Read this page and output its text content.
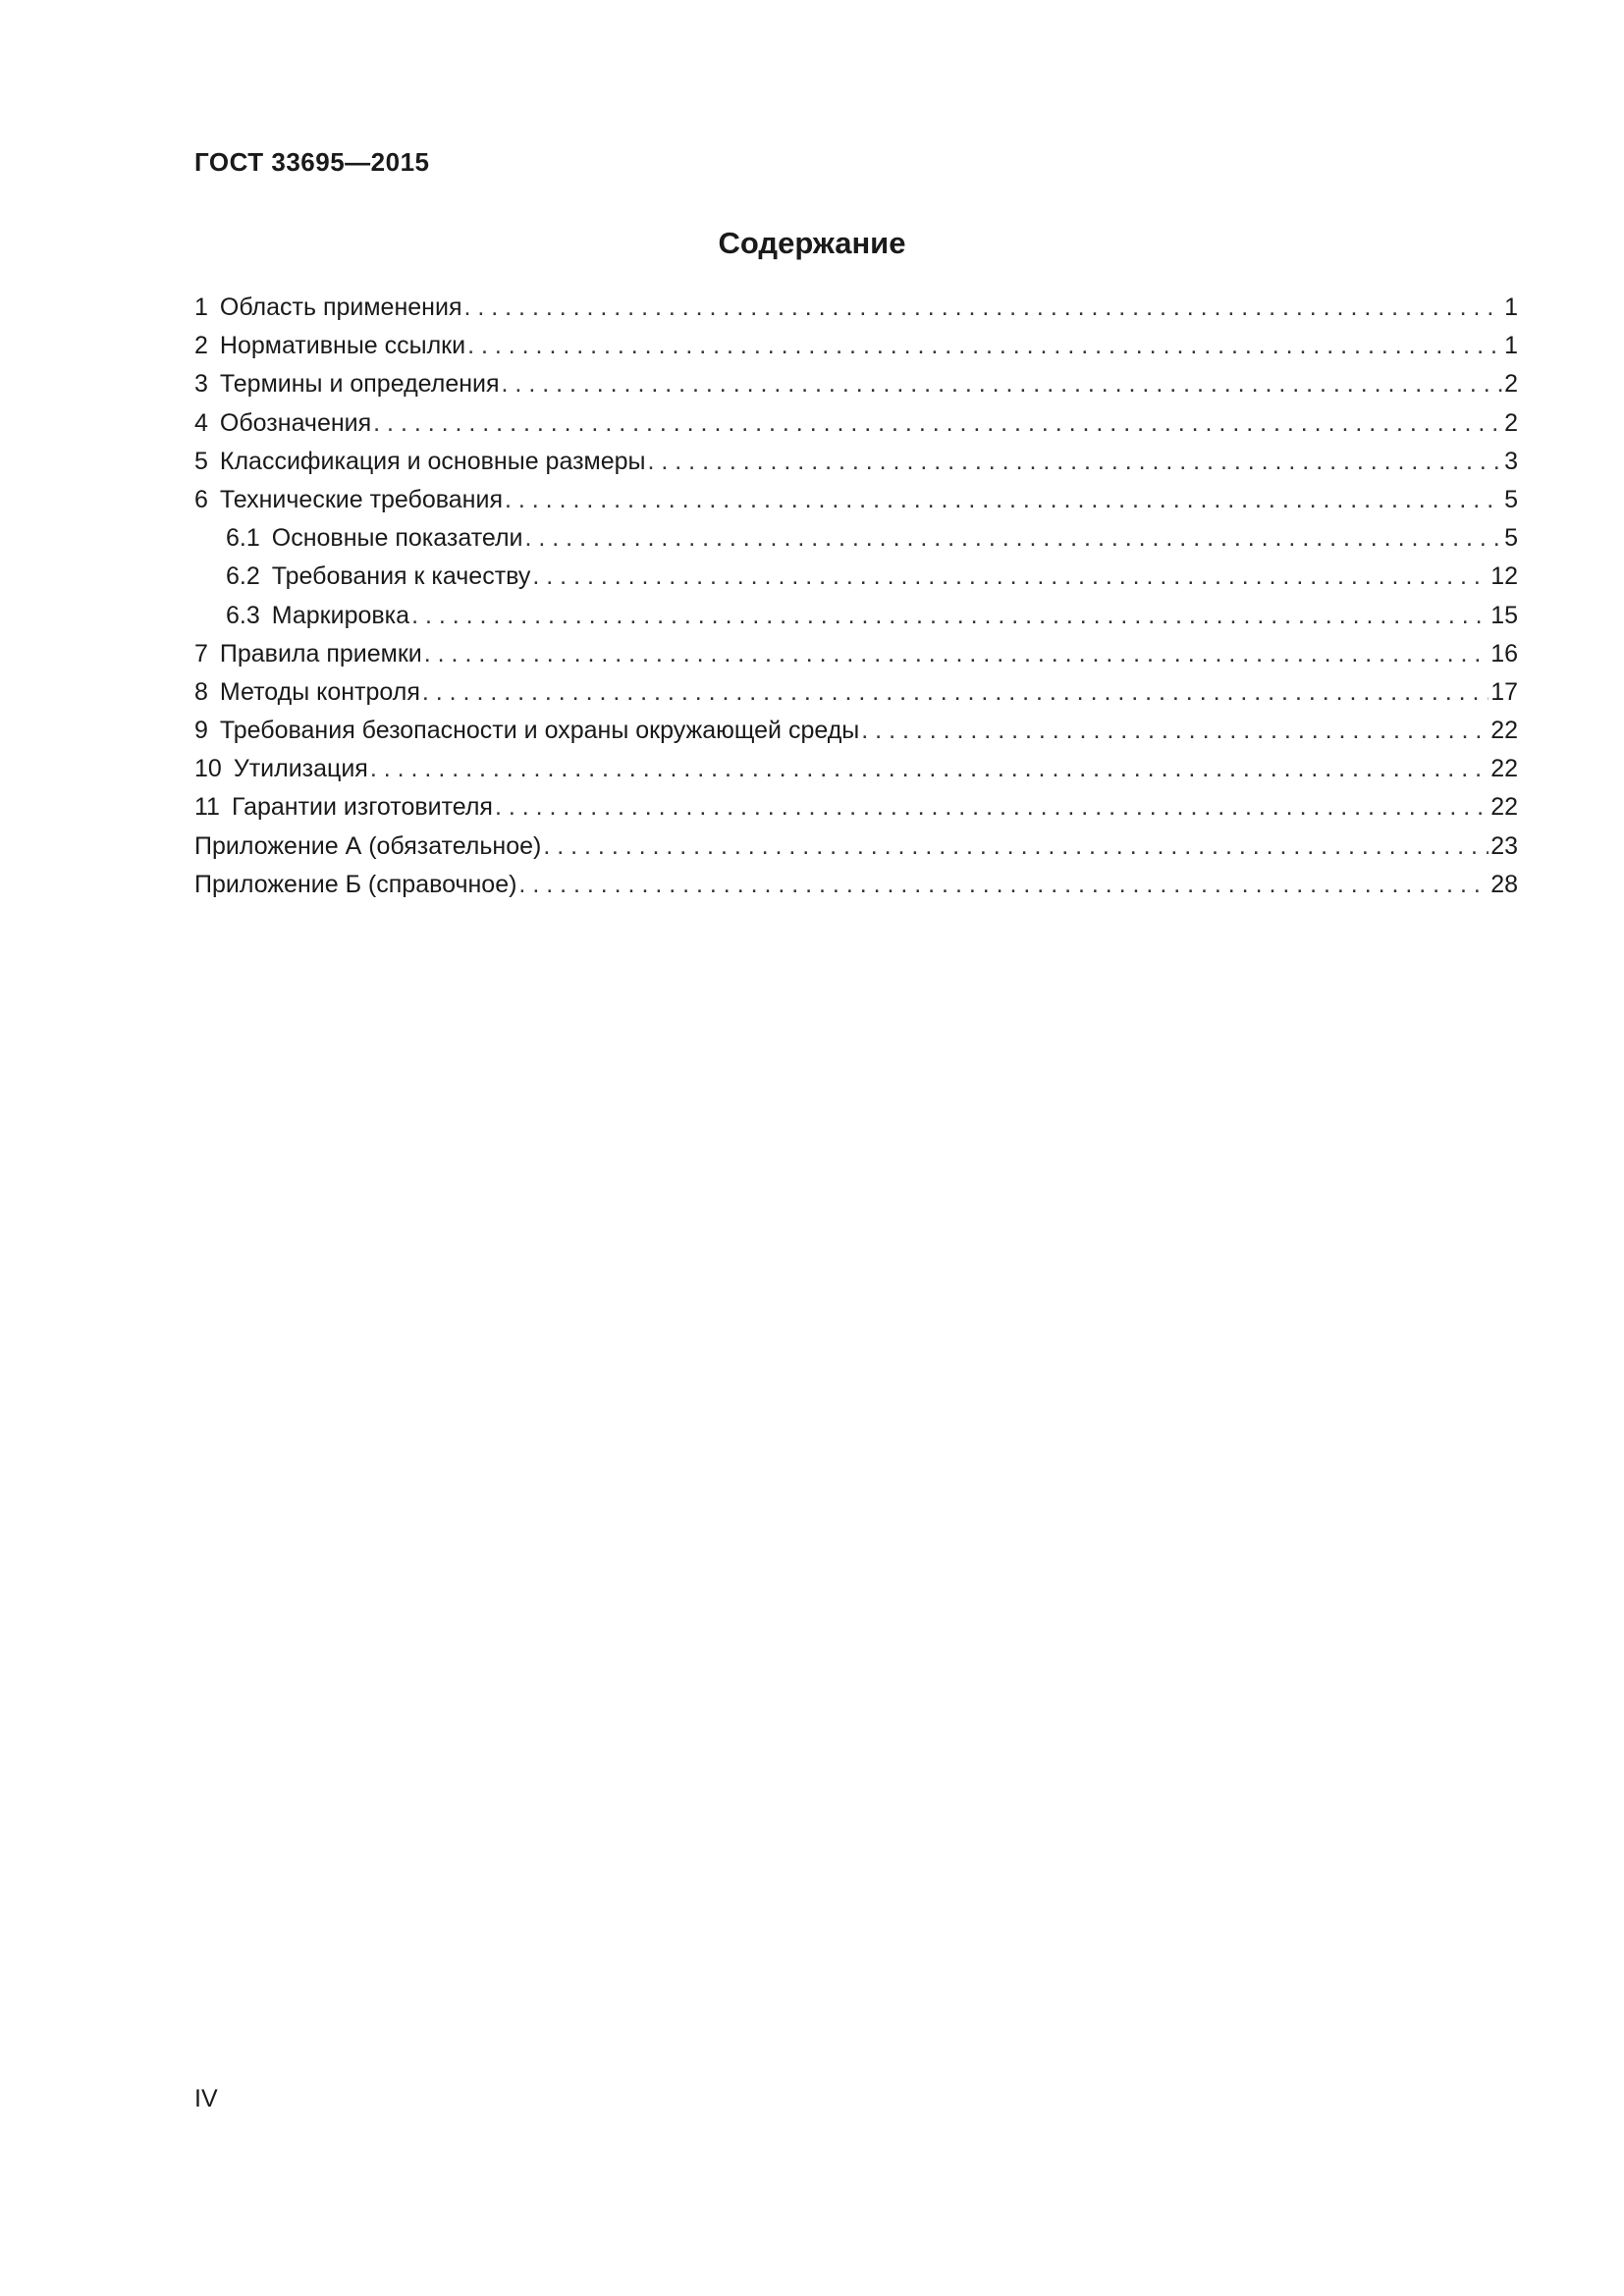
ГОСТ 33695—2015
Содержание
1 Область применения . . .	1
2 Нормативные ссылки . . .	1
3 Термины и определения . . .	2
4 Обозначения . . .	2
5 Классификация и основные размеры . . .	3
6 Технические требования . . .	5
6.1 Основные показатели . . .	5
6.2 Требования к качеству . . .	12
6.3 Маркировка . . .	15
7 Правила приемки . . .	16
8 Методы контроля . . .	17
9 Требования безопасности и охраны окружающей среды . . .	22
10 Утилизация . . .	22
11 Гарантии изготовителя . . .	22
Приложение А (обязательное) . . .	23
Приложение Б (справочное) . . .	28
IV
